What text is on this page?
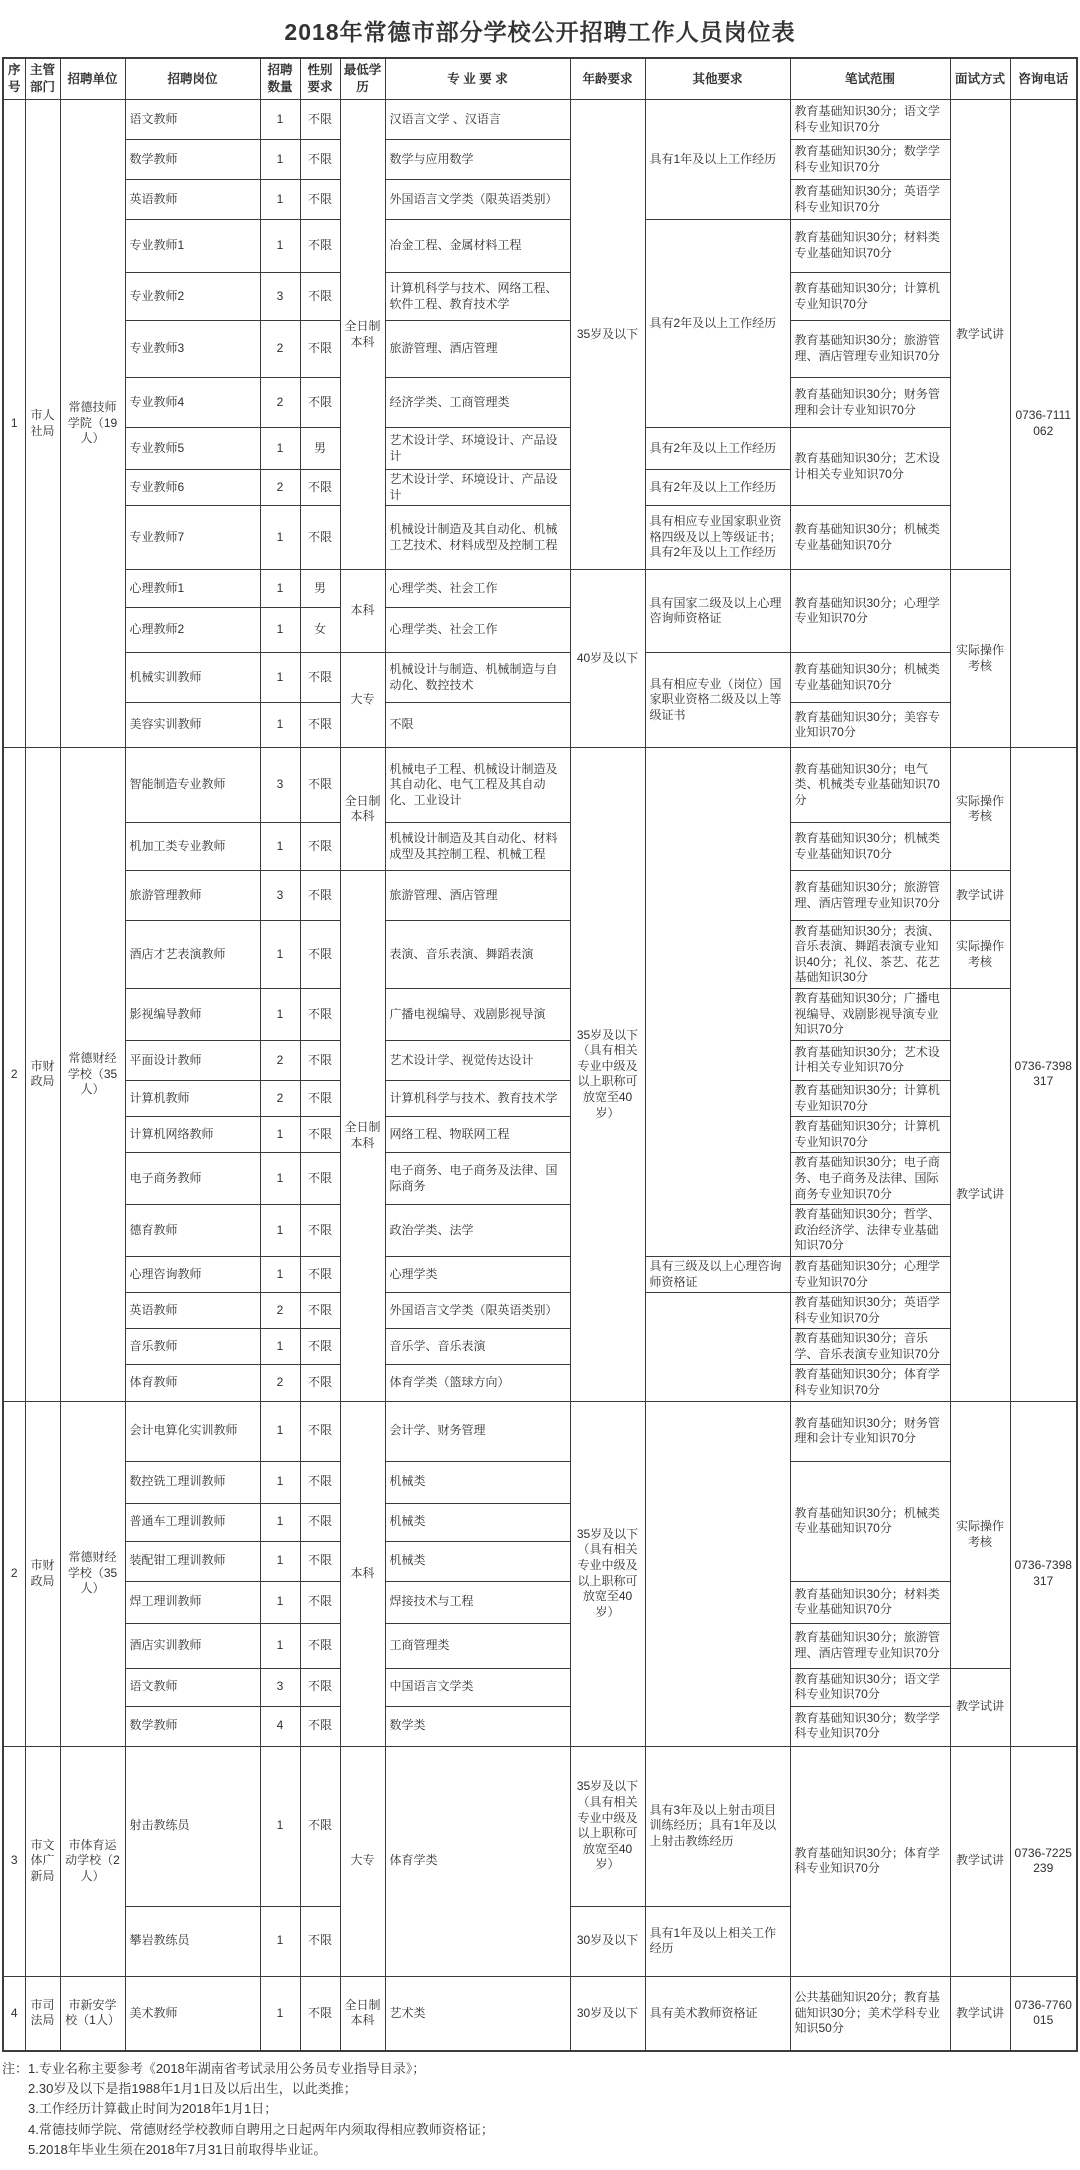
2018年常德市部分学校公开招聘工作人员岗位表
序号	主管部门	招聘单位	招聘岗位	招聘数量	性别要求	最低学历	专 业 要 求	年龄要求	其他要求	笔试范围	面试方式	咨询电话
1	市人社局	常德技师学院（19人）	语文教师	1	不限	全日制本科	汉语言文学 、汉语言	35岁及以下	具有1年及以上工作经历	教育基础知识30分；语文学科专业知识70分	教学试讲	0736-7111062
			数学教师	1	不限		数学与应用数学			教育基础知识30分；数学学科专业知识70分		
			英语教师	1	不限		外国语言文学类（限英语类别）			教育基础知识30分；英语学科专业知识70分		
			专业教师1	1	不限		冶金工程、金属材料工程		具有2年及以上工作经历	教育基础知识30分；材料类专业基础知识70分		
			专业教师2	3	不限		计算机科学与技术、网络工程、软件工程、教育技术学			教育基础知识30分；计算机专业知识70分		
			专业教师3	2	不限		旅游管理、酒店管理			教育基础知识30分；旅游管理、酒店管理专业知识70分		
			专业教师4	2	不限		经济学类、工商管理类			教育基础知识30分；财务管理和会计专业知识70分		
			专业教师5	1	男		艺术设计学、环境设计、产品设计		具有2年及以上工作经历	教育基础知识30分；艺术设计相关专业知识70分		
			专业教师6	2	不限		艺术设计学、环境设计、产品设计		具有2年及以上工作经历			
			专业教师7	1	不限		机械设计制造及其自动化、机械工艺技术、材料成型及控制工程		具有相应专业国家职业资格四级及以上等级证书；具有2年及以上工作经历	教育基础知识30分；机械类专业基础知识70分		
			心理教师1	1	男	本科	心理学类、社会工作	40岁及以下	具有国家二级及以上心理咨询师资格证	教育基础知识30分；心理学专业知识70分	实际操作考核	
			心理教师2	1	女		心理学类、社会工作					
			机械实训教师	1	不限	大专	机械设计与制造、机械制造与自动化、数控技术		具有相应专业（岗位）国家职业资格二级及以上等级证书	教育基础知识30分；机械类专业基础知识70分		
			美容实训教师	1	不限		不限			教育基础知识30分；美容专业知识70分		
2	市财政局	常德财经学校（35人）	智能制造专业教师	3	不限	全日制本科	机械电子工程、机械设计制造及其自动化、电气工程及其自动化、工业设计	35岁及以下（具有相关专业中级及以上职称可放宽至40岁）		教育基础知识30分；电气类、机械类专业基础知识70分	实际操作考核	0736-7398317
			机加工类专业教师	1	不限		机械设计制造及其自动化、材料成型及其控制工程、机械工程			教育基础知识30分；机械类专业基础知识70分		
			旅游管理教师	3	不限	全日制本科	旅游管理、酒店管理			教育基础知识30分；旅游管理、酒店管理专业知识70分	教学试讲	
			酒店才艺表演教师	1	不限		表演、音乐表演、舞蹈表演			教育基础知识30分；表演、音乐表演、舞蹈表演专业知识40分；礼仪、茶艺、花艺基础知识30分	实际操作考核	
			影视编导教师	1	不限		广播电视编导、戏剧影视导演			教育基础知识30分；广播电视编导、戏剧影视导演专业知识70分	教学试讲	
			平面设计教师	2	不限		艺术设计学、视觉传达设计			教育基础知识30分；艺术设计相关专业知识70分		
			计算机教师	2	不限		计算机科学与技术、教育技术学			教育基础知识30分；计算机专业知识70分		
			计算机网络教师	1	不限		网络工程、物联网工程			教育基础知识30分；计算机专业知识70分		
			电子商务教师	1	不限		电子商务、电子商务及法律、国际商务			教育基础知识30分；电子商务、电子商务及法律、国际商务专业知识70分		
			德育教师	1	不限		政治学类、法学			教育基础知识30分；哲学、政治经济学、法律专业基础知识70分		
			心理咨询教师	1	不限		心理学类		具有三级及以上心理咨询师资格证	教育基础知识30分；心理学专业知识70分		
			英语教师	2	不限		外国语言文学类（限英语类别）			教育基础知识30分；英语学科专业知识70分		
			音乐教师	1	不限		音乐学、音乐表演			教育基础知识30分；音乐学、音乐表演专业知识70分		
			体育教师	2	不限		体育学类（篮球方向）			教育基础知识30分；体育学科专业知识70分		
2	市财政局	常德财经学校（35人）	会计电算化实训教师	1	不限	本科	会计学、财务管理	35岁及以下（具有相关专业中级及以上职称可放宽至40岁）		教育基础知识30分；财务管理和会计专业知识70分	实际操作考核	0736-7398317
			数控铣工理训教师	1	不限		机械类			教育基础知识30分；机械类专业基础知识70分		
			普通车工理训教师	1	不限		机械类					
			装配钳工理训教师	1	不限		机械类					
			焊工理训教师	1	不限		焊接技术与工程			教育基础知识30分；材料类专业基础知识70分		
			酒店实训教师	1	不限		工商管理类			教育基础知识30分；旅游管理、酒店管理专业知识70分		
			语文教师	3	不限		中国语言文学类			教育基础知识30分；语文学科专业知识70分	教学试讲	
			数学教师	4	不限		数学类			教育基础知识30分；数学学科专业知识70分		
3	市文体广新局	市体育运动学校（2人）	射击教练员	1	不限	大专	体育学类	35岁及以下（具有相关专业中级及以上职称可放宽至40岁）	具有3年及以上射击项目训练经历；具有1年及以上射击教练经历	教育基础知识30分；体育学科专业知识70分	教学试讲	0736-7225239
			攀岩教练员	1	不限			30岁及以下	具有1年及以上相关工作经历			
4	市司法局	市新安学校（1人）	美术教师	1	不限	全日制本科	艺术类	30岁及以下	具有美术教师资格证	公共基础知识20分；教育基础知识30分；美术学科专业知识50分	教学试讲	0736-7760015
注： 1.专业名称主要参考《2018年湖南省考试录用公务员专业指导目录》；
2.30岁及以下是指1988年1月1日及以后出生，以此类推；
3.工作经历计算截止时间为2018年1月1日；
4.常德技师学院、常德财经学校教师自聘用之日起两年内须取得相应教师资格证；
5.2018年毕业生须在2018年7月31日前取得毕业证。
